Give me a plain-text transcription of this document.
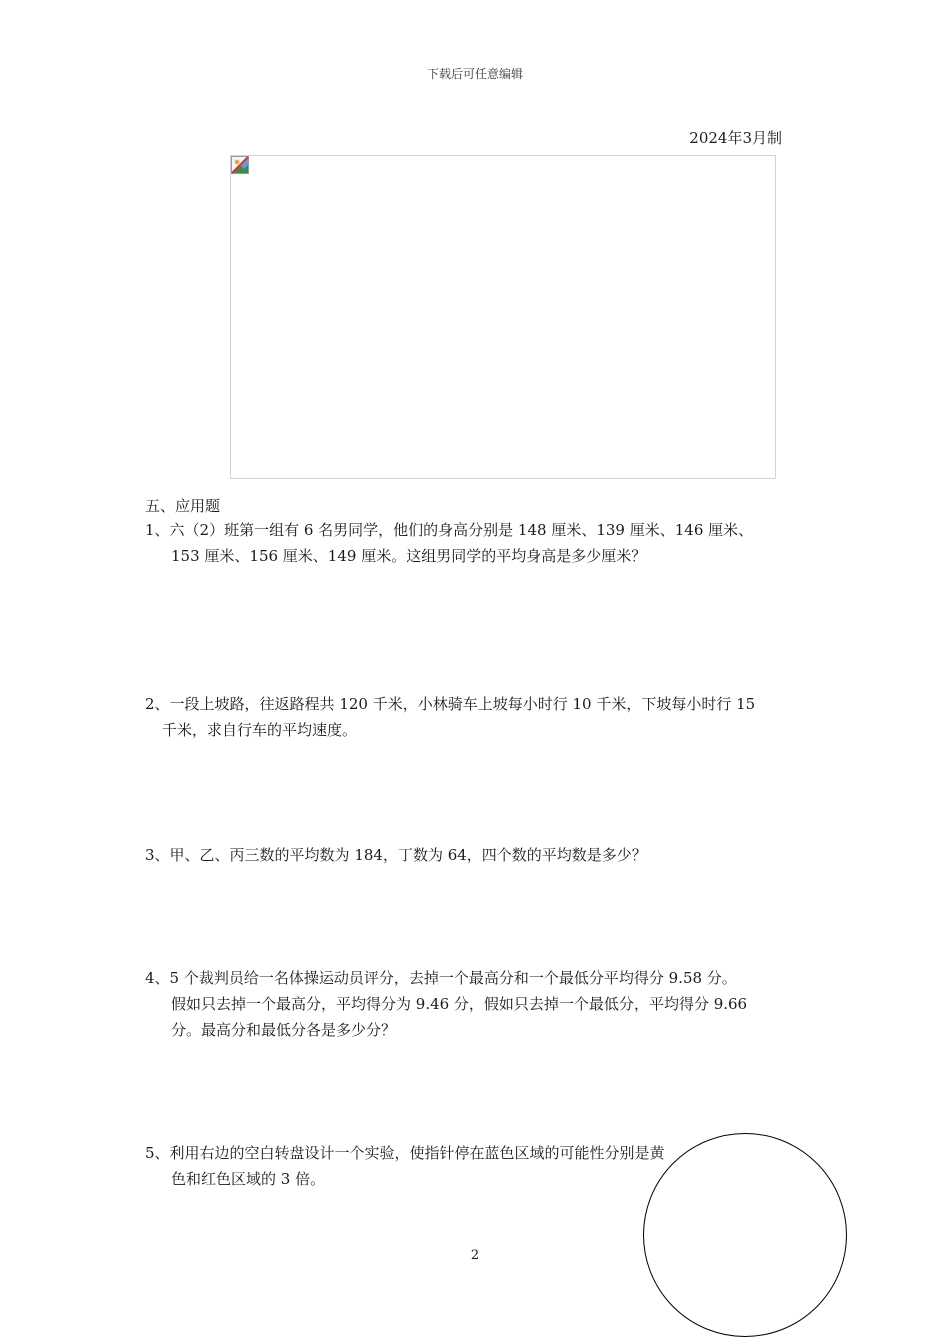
下载后可任意编辑
2024年3月制
五、应用题
1、六（2）班第一组有 6 名男同学，他们的身高分别是 148 厘米、139 厘米、146 厘米、
153 厘米、156 厘米、149 厘米。这组男同学的平均身高是多少厘米？
2、一段上坡路，往返路程共 120 千米，小林骑车上坡每小时行 10 千米，下坡每小时行 15
千米，求自行车的平均速度。
3、甲、乙、丙三数的平均数为 184，丁数为 64，四个数的平均数是多少？
4、5 个裁判员给一名体操运动员评分，去掉一个最高分和一个最低分平均得分 9.58 分。
假如只去掉一个最高分，平均得分为 9.46 分，假如只去掉一个最低分，平均得分 9.66
分。最高分和最低分各是多少分？
5、利用右边的空白转盘设计一个实验，使指针停在蓝色区域的可能性分别是黄
色和红色区域的 3 倍。
2
